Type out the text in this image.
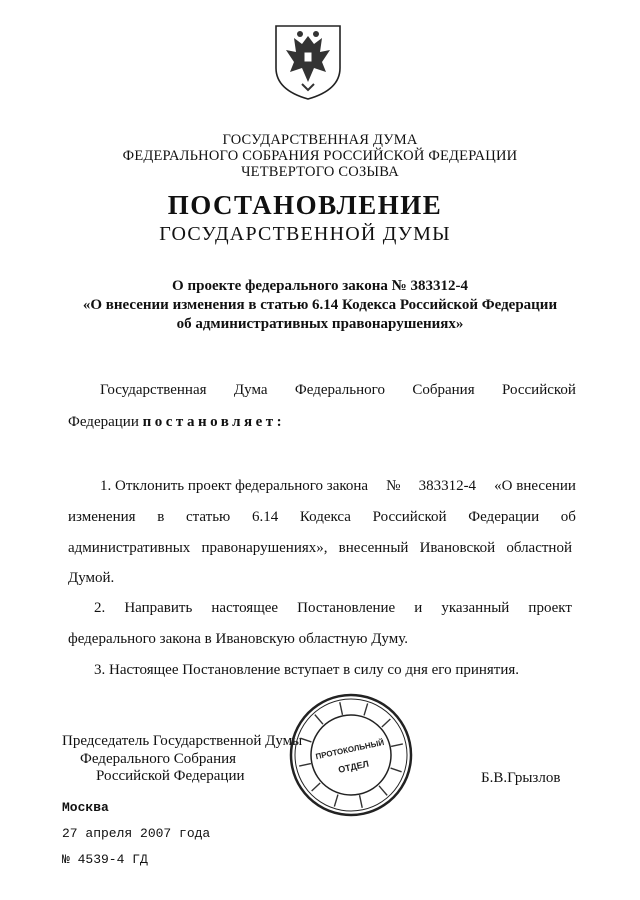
ГОСУДАРСТВЕННАЯ ДУМА
ФЕДЕРАЛЬНОГО СОБРАНИЯ РОССИЙСКОЙ ФЕДЕРАЦИИ
ЧЕТВЕРТОГО СОЗЫВА
ПОСТАНОВЛЕНИЕ
ГОСУДАРСТВЕННОЙ ДУМЫ
О проекте федерального закона № 383312-4
«О внесении изменения в статью 6.14 Кодекса Российской Федерации
об административных правонарушениях»
Государственная Дума Федерального Собрания Российской
Федерации постановляет:
1. Отклонить проект федерального закона № 383312-4 «О внесении
изменения в статью 6.14 Кодекса Российской Федерации об
административных правонарушениях», внесенный Ивановской областной
Думой.
2. Направить настоящее Постановление и указанный проект
федерального закона в Ивановскую областную Думу.
3. Настоящее Постановление вступает в силу со дня его принятия.
Председатель Государственной Думы
Федерального Собрания
Российской Федерации	Б.В.Грызлов
ПРОТОКОЛЬНЫЙ
ОТДЕЛ
Москва
27 апреля 2007 года
№ 4539-4 ГД
